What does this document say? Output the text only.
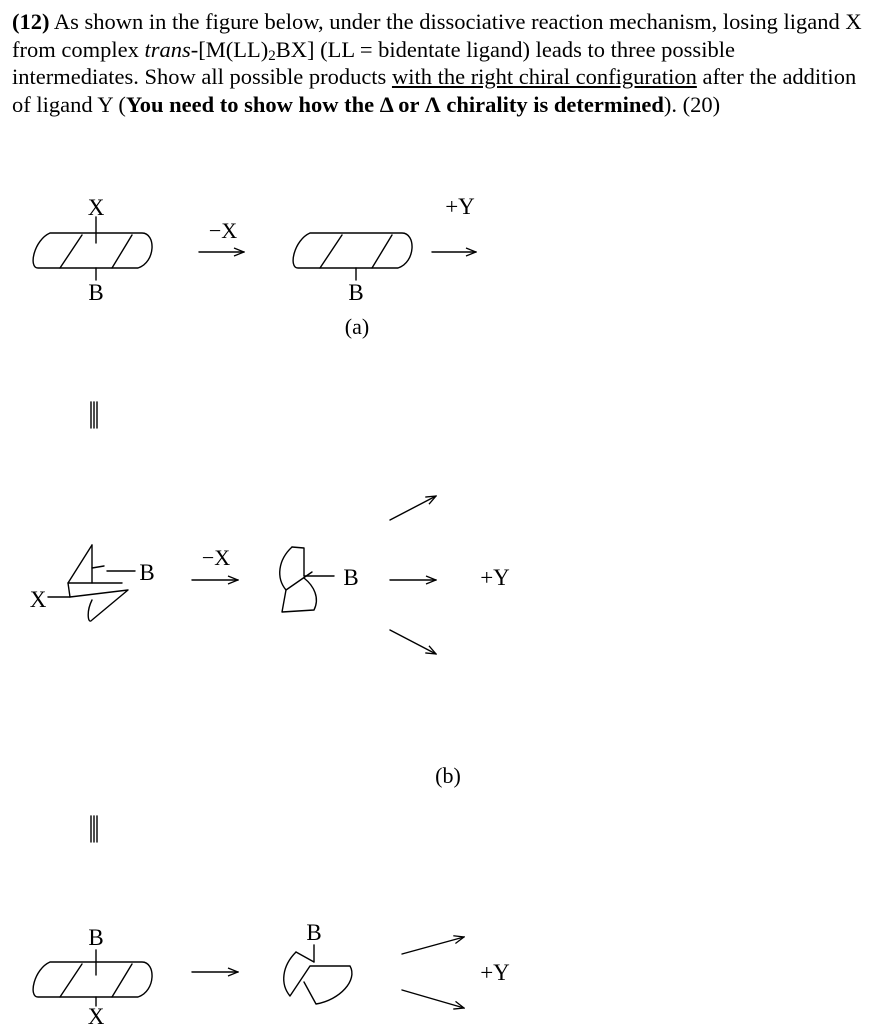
(12) As shown in the figure below, under the dissociative reaction mechanism, losing ligand X from complex trans-$[M(LL)_2BX] (LL$ = bidentate ligand) leads to three possible intermediates. Show all possible products with the right chiral configuration after the addition of ligand Y (You need to show how the Δ or Λ chirality is determined). (20)
X
B
−X
B
+Y
(a)
B
X
−X
B	+Y
(b)
B
X
B
+Y
